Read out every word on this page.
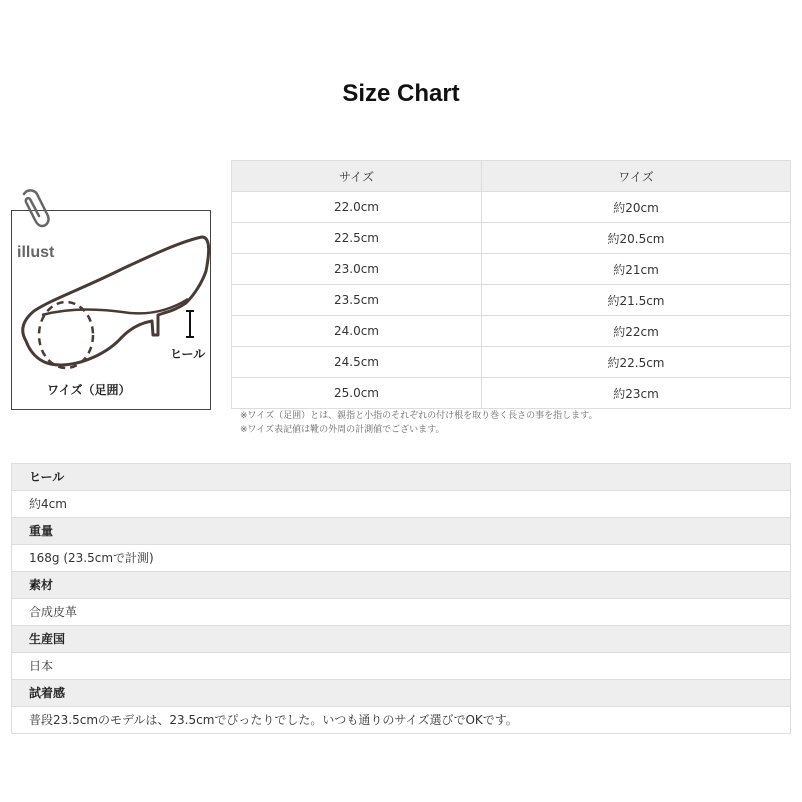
Size Chart
illust
ヒール
ワイズ（足囲）
サイズ	ワイズ
22.0cm	約20cm
22.5cm	約20.5cm
23.0cm	約21cm
23.5cm	約21.5cm
24.0cm	約22cm
24.5cm	約22.5cm
25.0cm	約23cm
※ワイズ（足囲）とは、親指と小指のそれぞれの付け根を取り巻く長さの事を指します。
※ワイズ表記値は靴の外周の計測値でございます。
ヒール
約4cm
重量
168g (23.5cmで計測)
素材
合成皮革
生産国
日本
試着感
普段23.5cmのモデルは、23.5cmでぴったりでした。いつも通りのサイズ選びでOKです。
